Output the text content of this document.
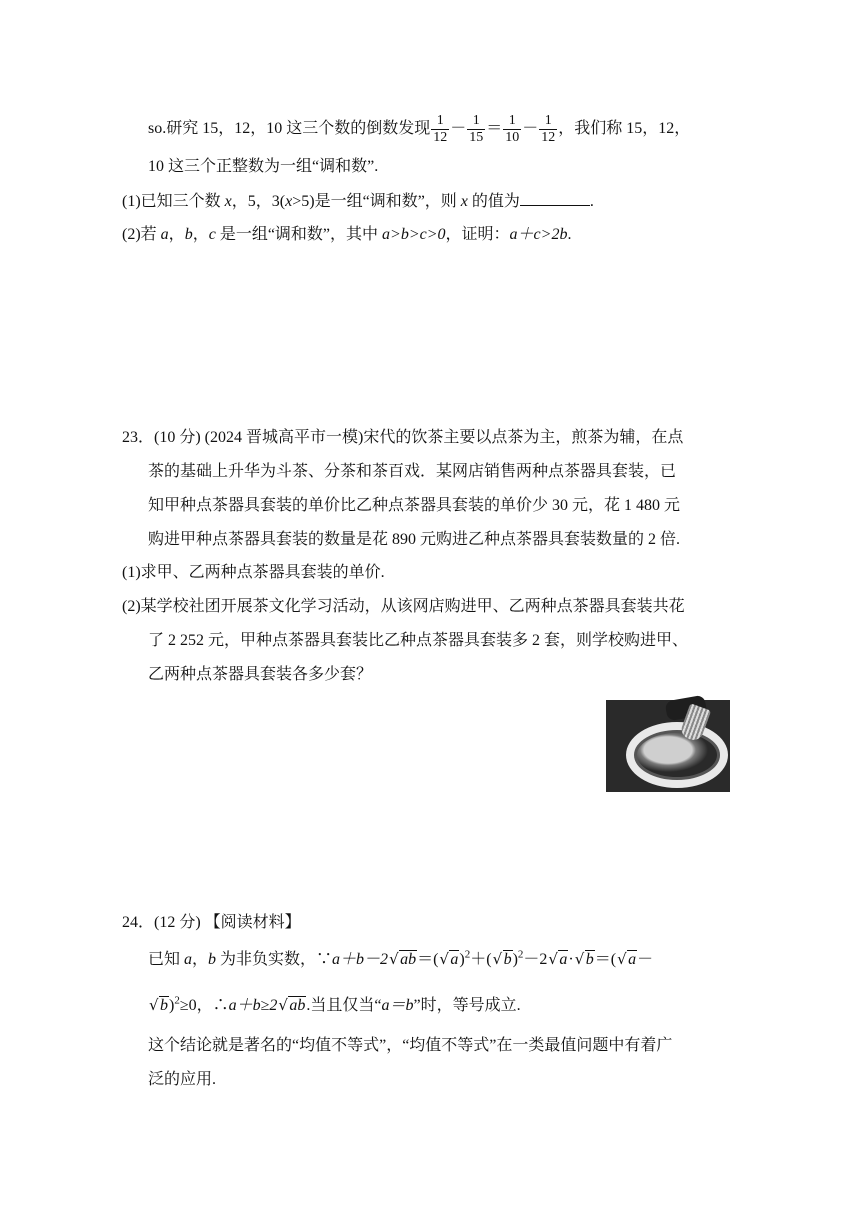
so.研究 15，12，10 这三个数的倒数发现 $\frac{1}{12} - \frac{1}{15} = \frac{1}{10} - \frac{1}{12}$ ，我们称 15，12，
10 这三个正整数为一组“调和数”.
(1)已知三个数 x，5，3(x>5)是一组“调和数”，则 x 的值为	.
(2)若 a，b，c 是一组“调和数”，其中 a>b>c>0，证明：a＋c>2b.
23．(10 分) (2024 晋城高平市一模)宋代的饮茶主要以点茶为主，煎茶为辅，在点
茶的基础上升华为斗茶、分茶和茶百戏．某网店销售两种点茶器具套装，已
知甲种点茶器具套装的单价比乙种点茶器具套装的单价少 30 元，花 1 480 元
购进甲种点茶器具套装的数量是花 890 元购进乙种点茶器具套装数量的 2 倍.
(1)求甲、乙两种点茶器具套装的单价.
(2)某学校社团开展茶文化学习活动，从该网店购进甲、乙两种点茶器具套装共花
了 2 252 元，甲种点茶器具套装比乙种点茶器具套装多 2 套，则学校购进甲、
乙两种点茶器具套装各多少套？
24．(12 分) 【阅读材料】
已知 a，b 为非负实数，∵a＋b－2 √ ab＝( √ a)$^2$＋( √ b)$^2$－2 √ a· √ b＝( √ a－
√ b)$^2$≥0，∴a＋b≥2 √ ab.当且仅当“a＝b”时，等号成立.
这个结论就是著名的“均值不等式”，“均值不等式”在一类最值问题中有着广
泛的应用.
